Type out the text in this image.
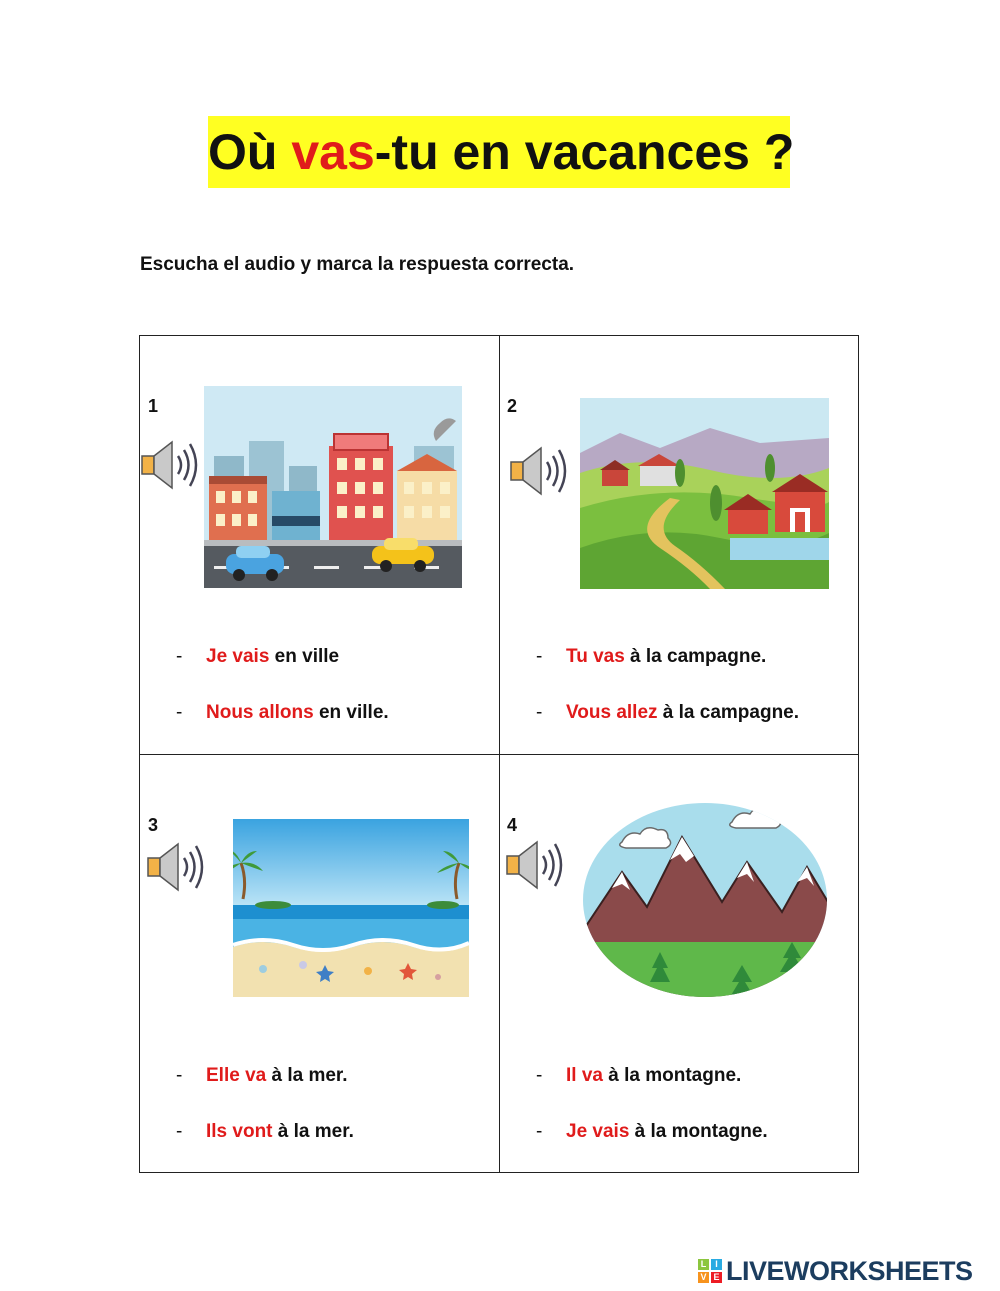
Où vas-tu en vacances ?
Escucha el audio y marca la respuesta correcta.
1
- Je vais en ville
- Nous allons en ville.
2
- Tu vas à la campagne.
- Vous allez à la campagne.
3
- Elle va à la mer.
- Ils vont à la mer.
4
- Il va à la montagne.
- Je vais à la montagne.
L I
V E LIVEWORKSHEETS
